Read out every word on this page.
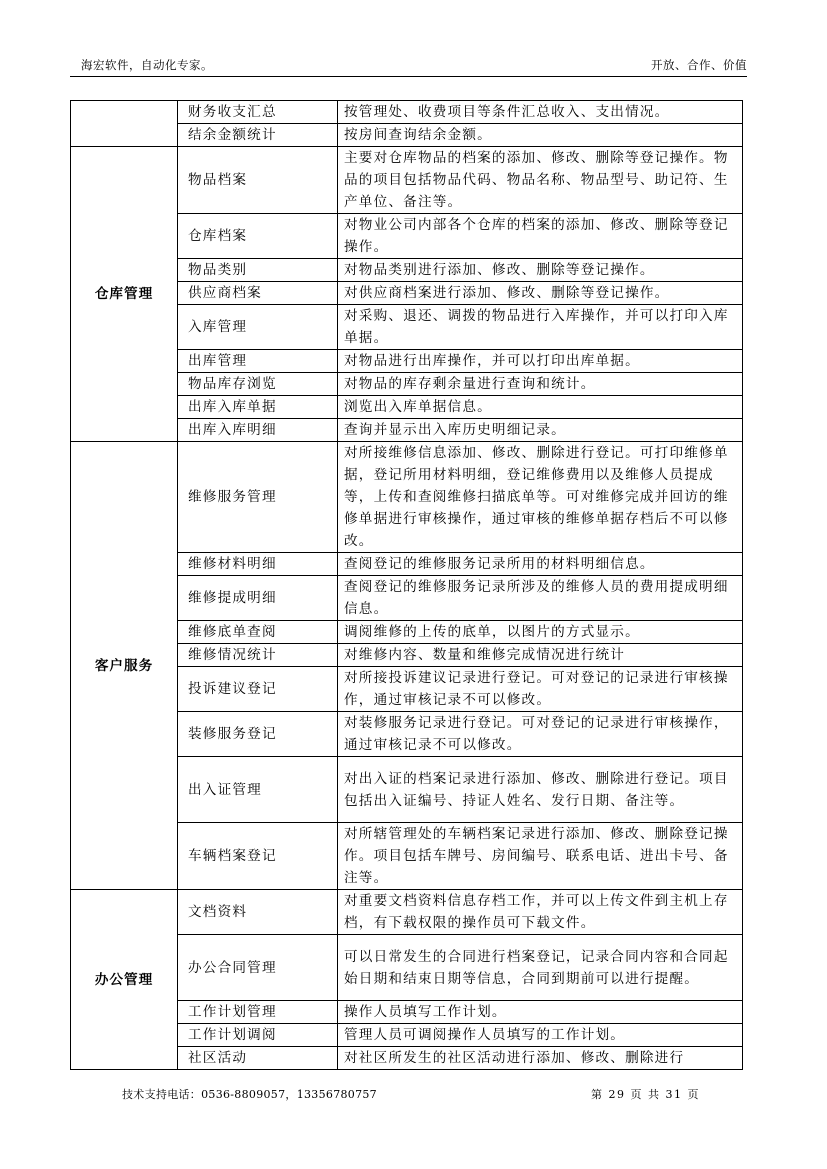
海宏软件，自动化专家。	开放、合作、价值
	财务收支汇总	按管理处、收费项目等条件汇总收入、支出情况。
	结余金额统计	按房间查询结余金额。
仓库管理	物品档案	主要对仓库物品的档案的添加、修改、删除等登记操作。物品的项目包括物品代码、物品名称、物品型号、助记符、生产单位、备注等。
	仓库档案	对物业公司内部各个仓库的档案的添加、修改、删除等登记操作。
	物品类别	对物品类别进行添加、修改、删除等登记操作。
	供应商档案	对供应商档案进行添加、修改、删除等登记操作。
	入库管理	对采购、退还、调拨的物品进行入库操作，并可以打印入库单据。
	出库管理	对物品进行出库操作，并可以打印出库单据。
	物品库存浏览	对物品的库存剩余量进行查询和统计。
	出库入库单据	浏览出入库单据信息。
	出库入库明细	查询并显示出入库历史明细记录。
客户服务	维修服务管理	对所接维修信息添加、修改、删除进行登记。可打印维修单据，登记所用材料明细，登记维修费用以及维修人员提成等，上传和查阅维修扫描底单等。可对维修完成并回访的维修单据进行审核操作，通过审核的维修单据存档后不可以修改。
	维修材料明细	查阅登记的维修服务记录所用的材料明细信息。
	维修提成明细	查阅登记的维修服务记录所涉及的维修人员的费用提成明细信息。
	维修底单查阅	调阅维修的上传的底单，以图片的方式显示。
	维修情况统计	对维修内容、数量和维修完成情况进行统计
	投诉建议登记	对所接投诉建议记录进行登记。可对登记的记录进行审核操作，通过审核记录不可以修改。
	装修服务登记	对装修服务记录进行登记。可对登记的记录进行审核操作，通过审核记录不可以修改。
	出入证管理	对出入证的档案记录进行添加、修改、删除进行登记。项目包括出入证编号、持证人姓名、发行日期、备注等。
	车辆档案登记	对所辖管理处的车辆档案记录进行添加、修改、删除登记操作。项目包括车牌号、房间编号、联系电话、进出卡号、备注等。
办公管理	文档资料	对重要文档资料信息存档工作，并可以上传文件到主机上存档，有下载权限的操作员可下载文件。
	办公合同管理	可以日常发生的合同进行档案登记，记录合同内容和合同起始日期和结束日期等信息，合同到期前可以进行提醒。
	工作计划管理	操作人员填写工作计划。
	工作计划调阅	管理人员可调阅操作人员填写的工作计划。
	社区活动	对社区所发生的社区活动进行添加、修改、删除进行
技术支持电话：0536-8809057，13356780757	第 29 页 共 31 页
